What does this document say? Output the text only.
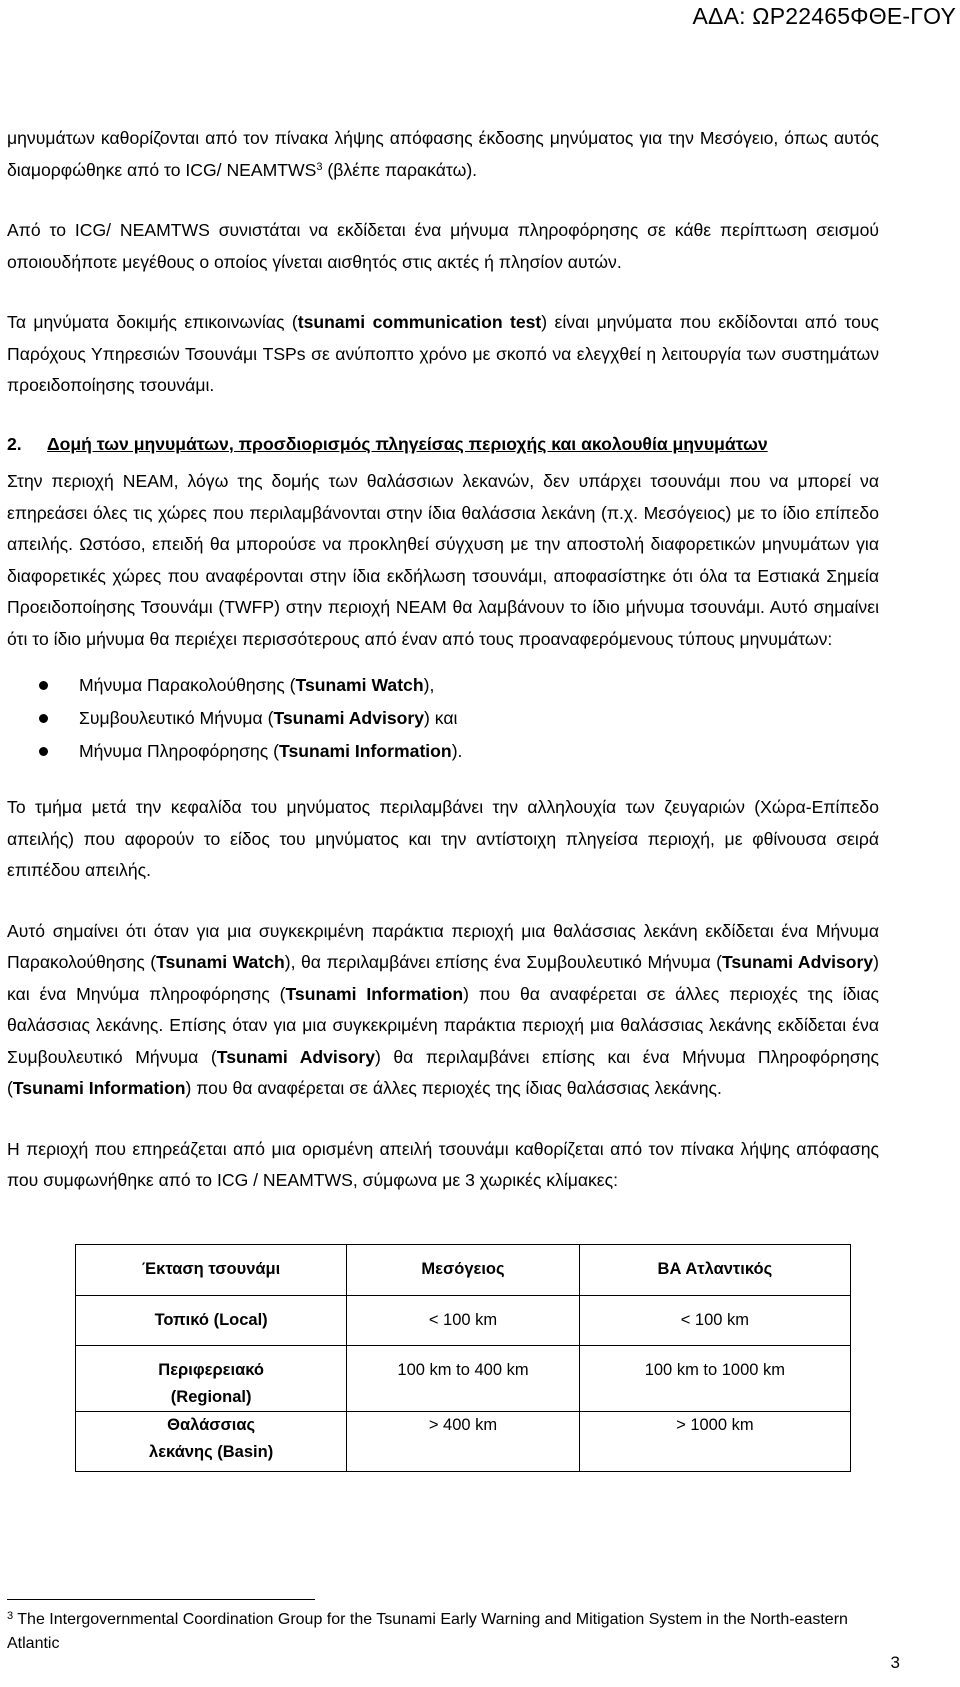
ΑΔΑ: ΩΡ22465ΦΘΕ-ΓΟΥ

μηνυμάτων καθορίζονται από τον πίνακα λήψης απόφασης έκδοσης μηνύματος για την Μεσόγειο, όπως αυτός διαμορφώθηκε από το ICG/ NEAMTWS$^3$ (βλέπε παρακάτω).

Από το ICG/ NEAMTWS συνιστάται να εκδίδεται ένα μήνυμα πληροφόρησης σε κάθε περίπτωση σεισμού οποιουδήποτε μεγέθους ο οποίος γίνεται αισθητός στις ακτές ή πλησίον αυτών.

Τα μηνύματα δοκιμής επικοινωνίας (tsunami communication test) είναι μηνύματα που εκδίδονται από τους Παρόχους Υπηρεσιών Τσουνάμι TSPs σε ανύποπτο χρόνο με σκοπό να ελεγχθεί η λειτουργία των συστημάτων προειδοποίησης τσουνάμι.

2. Δομή των μηνυμάτων, προσδιορισμός πληγείσας περιοχής και ακολουθία μηνυμάτων

Στην περιοχή NEAM, λόγω της δομής των θαλάσσιων λεκανών, δεν υπάρχει τσουνάμι που να μπορεί να επηρεάσει όλες τις χώρες που περιλαμβάνονται στην ίδια θαλάσσια λεκάνη (π.χ. Μεσόγειος) με το ίδιο επίπεδο απειλής. Ωστόσο, επειδή θα μπορούσε να προκληθεί σύγχυση με την αποστολή διαφορετικών μηνυμάτων για διαφορετικές χώρες που αναφέρονται στην ίδια εκδήλωση τσουνάμι, αποφασίστηκε ότι όλα τα Εστιακά Σημεία Προειδοποίησης Τσουνάμι (TWFP) στην περιοχή NEAM θα λαμβάνουν το ίδιο μήνυμα τσουνάμι. Αυτό σημαίνει ότι το ίδιο μήνυμα θα περιέχει περισσότερους από έναν από τους προαναφερόμενους τύπους μηνυμάτων:

Μήνυμα Παρακολούθησης (Tsunami Watch),
Συμβουλευτικό Μήνυμα (Tsunami Advisory) και
Μήνυμα Πληροφόρησης (Tsunami Information).

Το τμήμα μετά την κεφαλίδα του μηνύματος περιλαμβάνει την αλληλουχία των ζευγαριών (Χώρα-Επίπεδο απειλής) που αφορούν το είδος του μηνύματος και την αντίστοιχη πληγείσα περιοχή, με φθίνουσα σειρά επιπέδου απειλής.

Αυτό σημαίνει ότι όταν για μια συγκεκριμένη παράκτια περιοχή μια θαλάσσιας λεκάνη εκδίδεται ένα Μήνυμα Παρακολούθησης (Tsunami Watch), θα περιλαμβάνει επίσης ένα Συμβουλευτικό Μήνυμα (Tsunami Advisory) και ένα Μηνύμα πληροφόρησης (Tsunami Information) που θα αναφέρεται σε άλλες περιοχές της ίδιας θαλάσσιας λεκάνης. Επίσης όταν για μια συγκεκριμένη παράκτια περιοχή μια θαλάσσιας λεκάνης εκδίδεται ένα Συμβουλευτικό Μήνυμα (Tsunami Advisory) θα περιλαμβάνει επίσης και ένα Μήνυμα Πληροφόρησης (Tsunami Information) που θα αναφέρεται σε άλλες περιοχές της ίδιας θαλάσσιας λεκάνης.

Η περιοχή που επηρεάζεται από μια ορισμένη απειλή τσουνάμι καθορίζεται από τον πίνακα λήψης απόφασης που συμφωνήθηκε από το ICG / NEAMTWS, σύμφωνα με 3 χωρικές κλίμακες:

Έκταση τσουνάμι	Μεσόγειος	ΒΑ Ατλαντικός
Τοπικό (Local)	< 100 km	< 100 km
Περιφερειακό (Regional)	100 km to 400 km	100 km to 1000 km
Θαλάσσιας λεκάνης (Basin)	> 400 km	> 1000 km
$^3$ The Intergovernmental Coordination Group for the Tsunami Early Warning and Mitigation System in the North-eastern Atlantic
3
